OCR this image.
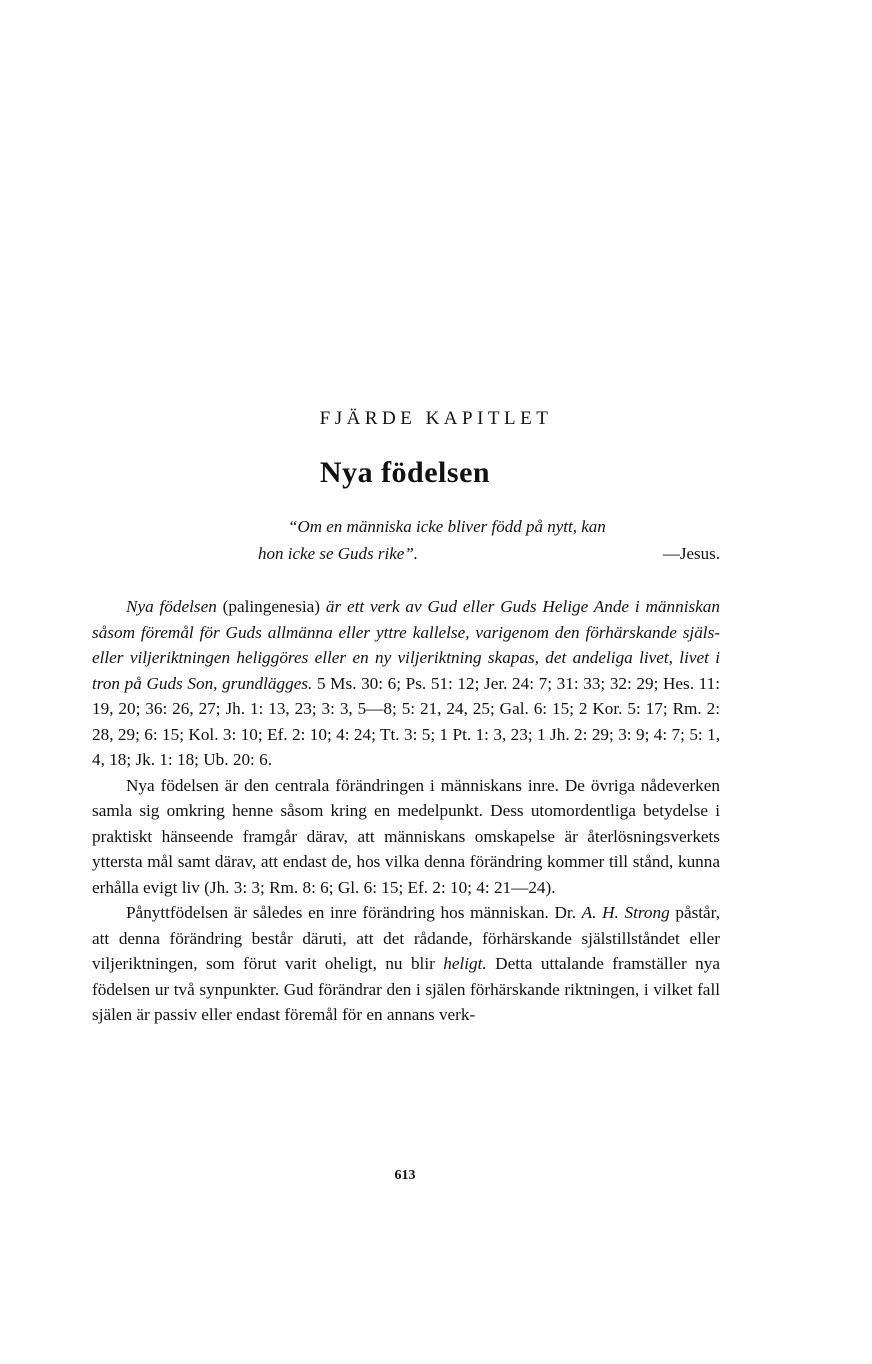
FJÄRDE KAPITLET
Nya födelsen
“Om en människa icke bliver född på nytt, kan
hon icke se Guds rike”.	—Jesus.

Nya födelsen (palingenesia) är ett verk av Gud eller Guds Helige Ande i människan såsom föremål för Guds allmänna eller yttre kallelse, varigenom den förhärskande själs- eller viljeriktningen heliggöres eller en ny viljeriktning skapas, det andeliga livet, livet i tron på Guds Son, grundlägges. 5 Ms. 30: 6; Ps. 51: 12; Jer. 24: 7; 31: 33; 32: 29; Hes. 11: 19, 20; 36: 26, 27; Jh. 1: 13, 23; 3: 3, 5—8; 5: 21, 24, 25; Gal. 6: 15; 2 Kor. 5: 17; Rm. 2: 28, 29; 6: 15; Kol. 3: 10; Ef. 2: 10; 4: 24; Tt. 3: 5; 1 Pt. 1: 3, 23; 1 Jh. 2: 29; 3: 9; 4: 7; 5: 1, 4, 18; Jk. 1: 18; Ub. 20: 6.

Nya födelsen är den centrala förändringen i människans inre. De övriga nådeverken samla sig omkring henne såsom kring en medelpunkt. Dess utomordentliga betydelse i praktiskt hänseende framgår därav, att människans omskapelse är återlösningsverkets yttersta mål samt därav, att endast de, hos vilka denna förändring kommer till stånd, kunna erhålla evigt liv (Jh. 3: 3; Rm. 8: 6; Gl. 6: 15; Ef. 2: 10; 4: 21—24).

Pånyttfödelsen är således en inre förändring hos människan. Dr. A. H. Strong påstår, att denna förändring består däruti, att det rådande, förhärskande själstillståndet eller viljeriktningen, som förut varit oheligt, nu blir heligt. Detta uttalande framställer nya födelsen ur två synpunkter. Gud förändrar den i själen förhärskande riktningen, i vilket fall själen är passiv eller endast föremål för en annans verk-

613
